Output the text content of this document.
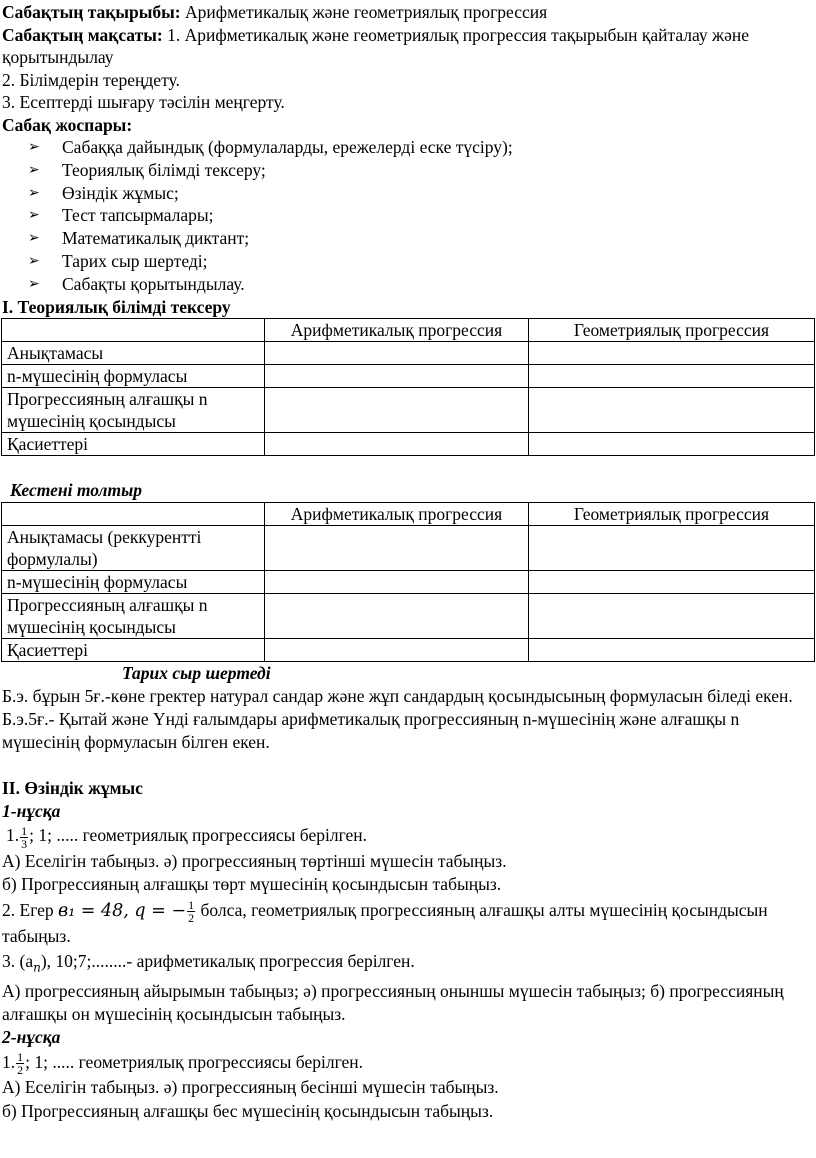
Сабақтың тақырыбы: Арифметикалық және геометриялық прогрессия

Сабақтың мақсаты: 1. Арифметикалық және геометриялық прогрессия тақырыбын қайталау және қорытындылау

2. Білімдерін тереңдету.

3. Есептерді шығару тәсілін меңгерту.

Сабақ жоспары:

➢	Сабаққа дайындық (формулаларды, ережелерді еске түсіру);
➢	Теориялық білімді тексеру;
➢	Өзіндік жұмыс;
➢	Тест тапсырмалары;
➢	Математикалық диктант;
➢	Тарих сыр шертеді;
➢	Сабақты қорытындылау.

I. Теориялық білімді тексеру

	Арифметикалық прогрессия	Геометриялық прогрессия
Анықтамасы		
n-мүшесінің формуласы		
Прогрессияның алғашқы n мүшесінің қосындысы		
Қасиеттері		

Кестені толтыр

	Арифметикалық прогрессия	Геометриялық прогрессия
Анықтамасы (реккурентті формулалы)		
n-мүшесінің формуласы		
Прогрессияның алғашқы n мүшесінің қосындысы		
Қасиеттері		

Тарих сыр шертеді

Б.э. бұрын 5ғ.-көне гректер натурал сандар және жұп сандардың қосындысының формуласын біледі екен.

Б.э.5ғ.- Қытай және Үнді ғалымдары арифметикалық прогрессияның n-мүшесінің және алғашқы n мүшесінің формуласын білген екен.

II. Өзіндік жұмыс

1-нұсқа

1. $\frac{1}{3}$ ; 1; ..... геометриялық прогрессиясы берілген.

А) Еселігін табыңыз. ә) прогрессияның төртінші мүшесін табыңыз.

б) Прогрессияның алғашқы төрт мүшесінің қосындысын табыңыз.

2. Егер в₁ = 48, q = − $\frac{1}{2}$ болса, геометриялық прогрессияның алғашқы алты мүшесінің қосындысын табыңыз.

3. $(a_n)$, 10;7;........- арифметикалық прогрессия берілген.

А) прогрессияның айырымын табыңыз; ә) прогрессияның оныншы мүшесін табыңыз; б) прогрессияның алғашқы он мүшесінің қосындысын табыңыз.

2-нұсқа

1. $\frac{1}{2}$ ; 1; ..... геометриялық прогрессиясы берілген.

А) Еселігін табыңыз. ә) прогрессияның бесінші мүшесін табыңыз.

б) Прогрессияның алғашқы бес мүшесінің қосындысын табыңыз.
